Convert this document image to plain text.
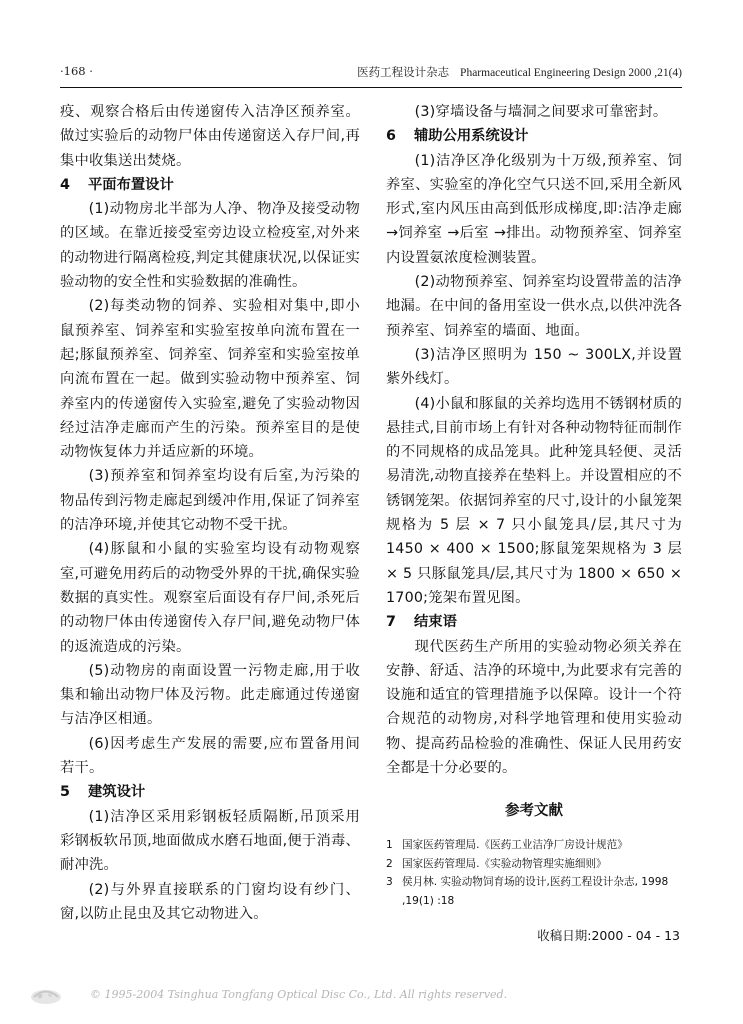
·168 ·	医药工程设计杂志 Pharmaceutical Engineering Design 2000 ,21(4)

疫、观察合格后由传递窗传入洁净区预养室。做过实验后的动物尸体由传递窗送入存尸间,再集中收集送出焚烧。

4 平面布置设计

(1)动物房北半部为人净、物净及接受动物的区域。在靠近接受室旁边设立检疫室,对外来的动物进行隔离检疫,判定其健康状况,以保证实验动物的安全性和实验数据的准确性。

(2)每类动物的饲养、实验相对集中,即小鼠预养室、饲养室和实验室按单向流布置在一起;豚鼠预养室、饲养室、饲养室和实验室按单向流布置在一起。做到实验动物中预养室、饲养室内的传递窗传入实验室,避免了实验动物因经过洁净走廊而产生的污染。预养室目的是使动物恢复体力并适应新的环境。

(3)预养室和饲养室均设有后室,为污染的物品传到污物走廊起到缓冲作用,保证了饲养室的洁净环境,并使其它动物不受干扰。

(4)豚鼠和小鼠的实验室均设有动物观察室,可避免用药后的动物受外界的干扰,确保实验数据的真实性。观察室后面设有存尸间,杀死后的动物尸体由传递窗传入存尸间,避免动物尸体的返流造成的污染。

(5)动物房的南面设置一污物走廊,用于收集和输出动物尸体及污物。此走廊通过传递窗与洁净区相通。

(6)因考虑生产发展的需要,应布置备用间若干。

5 建筑设计

(1)洁净区采用彩钢板轻质隔断,吊顶采用彩钢板软吊顶,地面做成水磨石地面,便于消毒、耐冲洗。

(2)与外界直接联系的门窗均设有纱门、窗,以防止昆虫及其它动物进入。

(3)穿墙设备与墙洞之间要求可靠密封。

6 辅助公用系统设计

(1)洁净区净化级别为十万级,预养室、饲养室、实验室的净化空气只送不回,采用全新风形式,室内风压由高到低形成梯度,即:洁净走廊 →饲养室 →后室 →排出。动物预养室、饲养室内设置氨浓度检测装置。

(2)动物预养室、饲养室均设置带盖的洁净地漏。在中间的备用室设一供水点,以供冲洗各预养室、饲养室的墙面、地面。

(3)洁净区照明为 150 ~ 300LX,并设置紫外线灯。

(4)小鼠和豚鼠的关养均选用不锈钢材质的悬挂式,目前市场上有针对各种动物特征而制作的不同规格的成品笼具。此种笼具轻便、灵活易清洗,动物直接养在垫料上。并设置相应的不锈钢笼架。依据饲养室的尺寸,设计的小鼠笼架规格为 5 层 × 7 只小鼠笼具/层,其尺寸为 1450 × 400 × 1500;豚鼠笼架规格为 3 层 × 5 只豚鼠笼具/层,其尺寸为 1800 × 650 × 1700;笼架布置见图。

7 结束语

现代医药生产所用的实验动物必须关养在安静、舒适、洁净的环境中,为此要求有完善的设施和适宜的管理措施予以保障。设计一个符合规范的动物房,对科学地管理和使用实验动物、提高药品检验的准确性、保证人民用药安全都是十分必要的。

参考文献

1 国家医药管理局.《医药工业洁净厂房设计规范》

2 国家医药管理局.《实验动物管理实施细则》

3 侯月林. 实验动物饲育场的设计,医药工程设计杂志, 1998 ,19(1) :18

收稿日期:2000 - 04 - 13

© 1995-2004 Tsinghua Tongfang Optical Disc Co., Ltd. All rights reserved.
